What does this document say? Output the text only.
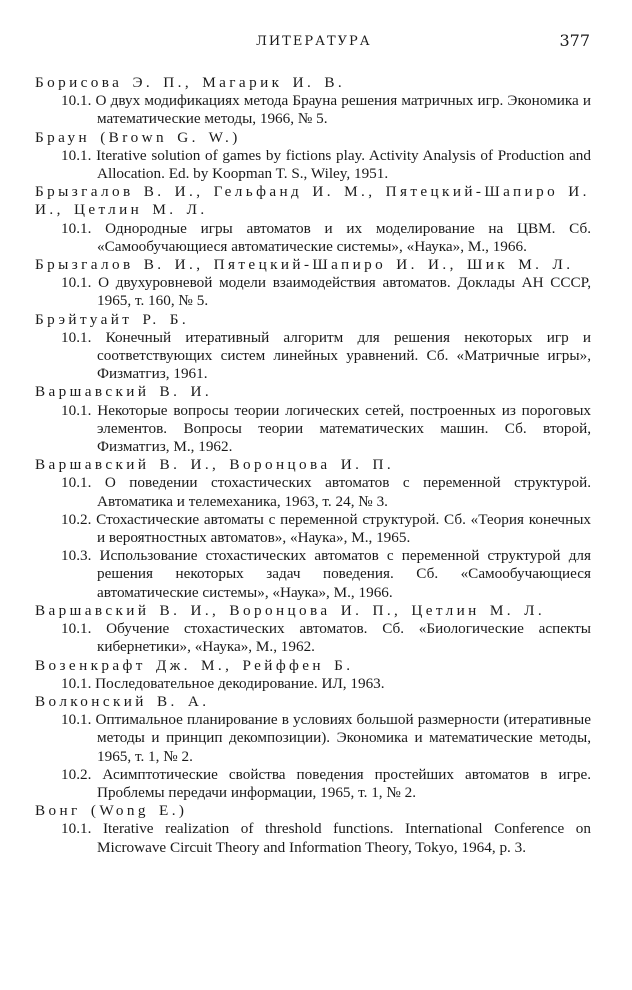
ЛИТЕРАТУРА	377
Борисова Э. П., Магарик И. В.
10.1. О двух модификациях метода Брауна решения матричных игр. Экономика и математические методы, 1966, № 5.
Браун (Brown G. W.)
10.1. Iterative solution of games by fictions play. Activity Analysis of Production and Allocation. Ed. by Koopman T. S., Wiley, 1951.
Брызгалов В. И., Гельфанд И. М., Пятецкий-Шапиро И. И., Цетлин М. Л.
10.1. Однородные игры автоматов и их моделирование на ЦВМ. Сб. «Самообучающиеся автоматические системы», «Наука», М., 1966.
Брызгалов В. И., Пятецкий-Шапиро И. И., Шик М. Л.
10.1. О двухуровневой модели взаимодействия автоматов. Доклады АН СССР, 1965, т. 160, № 5.
Брэйтуайт Р. Б.
10.1. Конечный итеративный алгоритм для решения некоторых игр и соответствующих систем линейных уравнений. Сб. «Матричные игры», Физматгиз, 1961.
Варшавский В. И.
10.1. Некоторые вопросы теории логических сетей, построенных из пороговых элементов. Вопросы теории математических машин. Сб. второй, Физматгиз, М., 1962.
Варшавский В. И., Воронцова И. П.
10.1. О поведении стохастических автоматов с переменной структурой. Автоматика и телемеханика, 1963, т. 24, № 3.
10.2. Стохастические автоматы с переменной структурой. Сб. «Теория конечных и вероятностных автоматов», «Наука», М., 1965.
10.3. Использование стохастических автоматов с переменной структурой для решения некоторых задач поведения. Сб. «Самообучающиеся автоматические системы», «Наука», М., 1966.
Варшавский В. И., Воронцова И. П., Цетлин М. Л.
10.1. Обучение стохастических автоматов. Сб. «Биологические аспекты кибернетики», «Наука», М., 1962.
Возенкрафт Дж. М., Рейффен Б.
10.1. Последовательное декодирование. ИЛ, 1963.
Волконский В. А.
10.1. Оптимальное планирование в условиях большой размерности (итеративные методы и принцип декомпозиции). Экономика и математические методы, 1965, т. 1, № 2.
10.2. Асимптотические свойства поведения простейших автоматов в игре. Проблемы передачи информации, 1965, т. 1, № 2.
Вонг (Wong E.)
10.1. Iterative realization of threshold functions. International Conference on Microwave Circuit Theory and Information Theory, Tokyo, 1964, p. 3.
